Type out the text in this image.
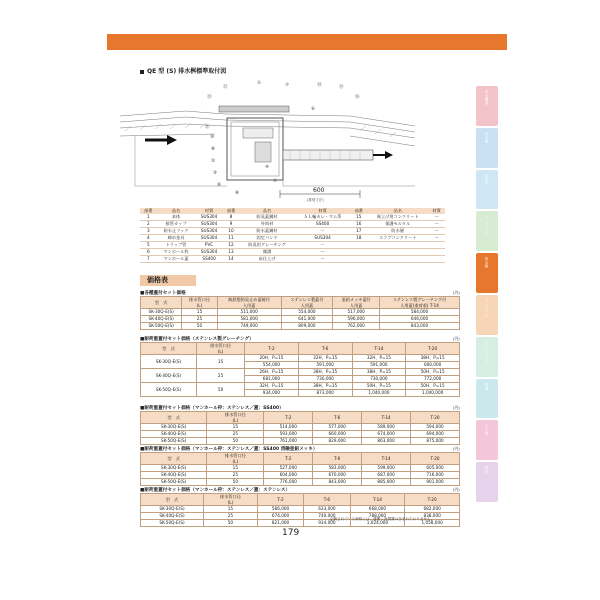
排水機器
防水層
床排水
ルーフドレン
排水桝
マンホール
グレーチング
側溝
その他
資料
QE 型 (S) 排水桝標準取付図
600
(推奨寸法)
⑬
⑫
①	⑦	⑭	⑮
⑯
⑥
⑪
⑩
⑧
②
③
④
⑤
⑨
⑧
部番	品名	材質	部番	品名	材質	部番	品名	材質
1	本体	SUS304	8	防臭蓋鋼材	ＳＬ輸カレ・ワム系	15	嵩上げ用コンクリート	ー
2	排管カップ	SUS304	9	外筒材	SS400	16	保護モルタル	ー
3	防水止フック	SUS304	10	防水蓋鋼材	ー	17	防水層	ー
4	締め金具	SUS304	11	固定バンド	SUS304	18	スラブコンクリート	ー
5	トラップ管	PVC	12	防臭用グレーチング	ー			
6	マンホール枠	SUS304	13	側溝	ー			
7	マンホール蓋	SS400	14	床仕上げ	ー			
価格表
■各種蓋付セット価格	(円)
型　式	排水管口径
(L)	鋳鉄製防臭止め蓋鋳付
人用蓋	ステンレス製蓋付
人用蓋	亜鉛メッキ蓋付
人用蓋	ステンレス製グレーチング付
人用蓋(重荷重) T-14
SK-30Q-E(S)	15	511,000	554,000	517,000	584,000
SK-40Q-E(S)	25	581,000	641,000	596,000	646,000
SK-50Q-E(S)	50	749,000	809,000	762,000	843,000
■耐荷重蓋付セット価格（ステンレス製グレーチング）	(円)
型　式	排水管口径
(L)	T-2	T-6	T-14	T-20
SK-30Q-E(S)	15	20H、P=15	32H、P=15	32H、P=15	38H、P=15
		554,000	591,000	591,000	600,000
SK-40Q-E(S)	25	26H、P=15	38H、P=15	38H、P=15	50H、P=15
		681,000	730,000	730,000	772,000
SK-50Q-E(S)	50	32H、P=15	38H、P=15	50H、P=15	50H、P=15
		934,000	873,000	1,040,000	1,040,000
■耐荷重蓋付セット価格（マンホール枠：ステンレス／蓋：SS400）	(円)
型　式	排水管口径
(L)	T-2	T-6	T-14	T-20
SK-30Q-E(S)	15	514,000	577,000	589,000	594,000
SK-40Q-E(S)	25	593,000	660,000	674,000	694,000
SK-50Q-E(S)	50	761,000	829,000	863,000	875,000
■耐荷重蓋付セット価格（マンホール枠：ステンレス／蓋：SS400 溶融亜鉛メッキ）	(円)
型　式	排水管口径
(L)	T-2	T-6	T-14	T-20
SK-30Q-E(S)	15	527,000	583,000	599,000	605,000
SK-40Q-E(S)	25	604,000	670,000	687,000	716,000
SK-50Q-E(S)	50	776,000	843,000	885,000	901,000
■耐荷重蓋付セット価格（マンホール枠：ステンレス／蓋：ステンレス）	(円)
型　式	排水管口径
(L)	T-2	T-6	T-14	T-20
SK-30Q-E(S)	15	586,000	633,000	668,000	682,000
SK-40Q-E(S)	25	674,000	740,000	788,000	838,000
SK-50Q-E(S)	50	821,000	934,000	1,024,000	1,058,000
記載されている価格には、運搬・設置費は含まれておりません。
179
